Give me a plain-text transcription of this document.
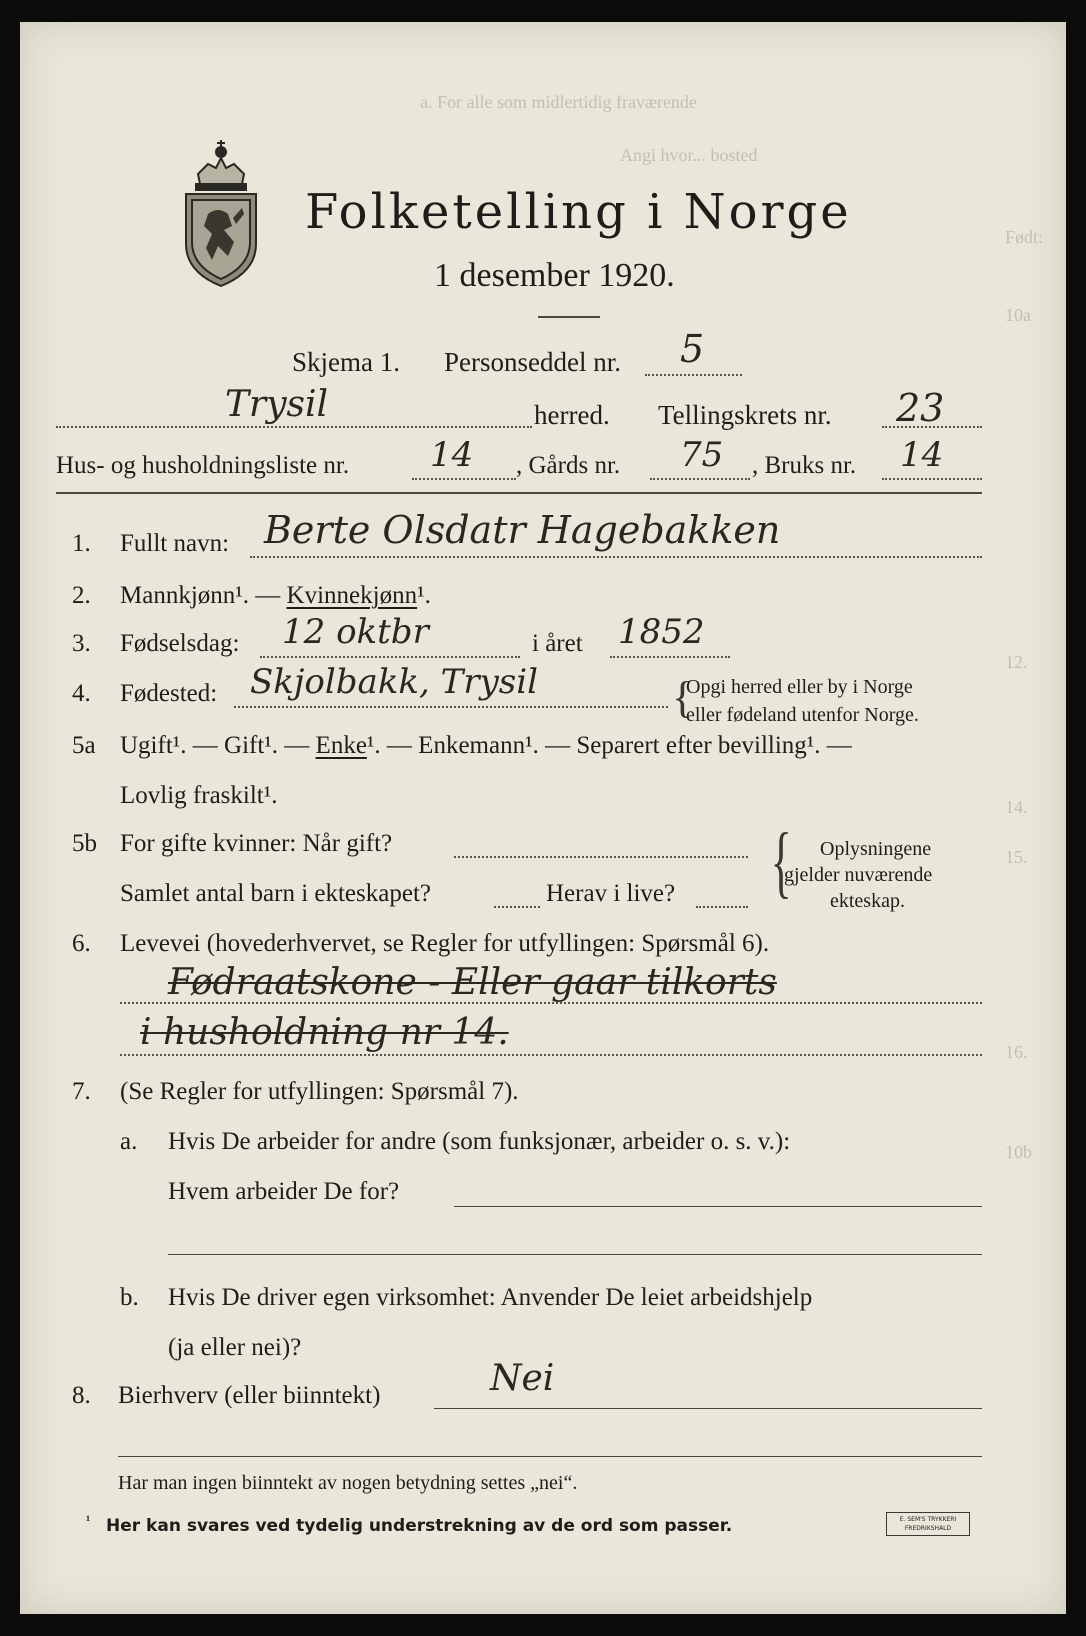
a. For alle som midlertidig fraværende
Angi hvor... bosted
Født:
10a
10b
12.
14.
15.
16.
Folketelling i Norge
1 desember 1920.
Skjema 1. Personseddel nr. 5
Trysil	herred. Tellingskrets nr. 23
Hus- og husholdningsliste nr. 14 , Gårds nr. 75 , Bruks nr. 14
1. Fullt navn: Berte Olsdatr Hagebakken
2. Mannkjønn¹. — Kvinnekjønn¹.
3. Fødselsdag: 12 oktbr	i året 1852
4. Fødested: Skjolbakk, Trysil	{
Opgi herred eller by i Norge
eller fødeland utenfor Norge.
5a Ugift¹. — Gift¹. — Enke¹. — Enkemann¹. — Separert efter bevilling¹. —
Lovlig fraskilt¹.
5b For gifte kvinner: Når gift?
Samlet antal barn i ekteskapet?	Herav i live? { Oplysningene
gjelder nuværende
ekteskap.
6. Levevei (hovederhvervet, se Regler for utfyllingen: Spørsmål 6).
Fødraatskone - Eller gaar tilkorts
i husholdning nr 14.
7. (Se Regler for utfyllingen: Spørsmål 7).
a. Hvis De arbeider for andre (som funksjonær, arbeider o. s. v.):
Hvem arbeider De for?
b. Hvis De driver egen virksomhet: Anvender De leiet arbeidshjelp
(ja eller nei)?
8. Bierhverv (eller biinntekt)	Nei
Har man ingen biinntekt av nogen betydning settes „nei“.
¹ Her kan svares ved tydelig understrekning av de ord som passer.	E. SEM'S TRYKKERI
FREDRIKSHALD
